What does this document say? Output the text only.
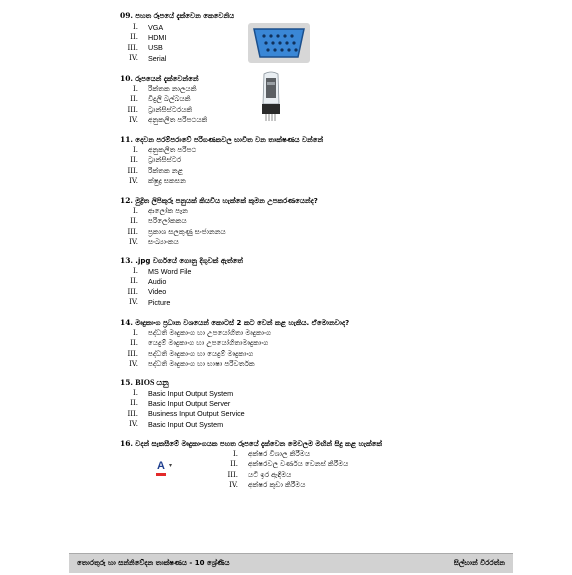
09. පහත රූපයේ දැක්වෙන කෙවෙනිය
I.	VGA
II.	HDMI
III.	USB
IV.	Serial
10. රූපයෙන් දැක්වෙන්නේ
I.	රික්තක නාලයකි
II.	විදුලි බල්බයකි
III.	ට්‍රාන්සිස්ටරයකි
IV.	අනුකලිත පරිපථයකි
11. දෙවන පරම්පරාවේ පරිගණකවල භාවිත වන තාක්ෂණය වන්නේ
I.	අනුකලිත පරිපථ
II.	ට්‍රාන්සිස්ටර
III.	රික්තක නළ
IV.	ක්ෂුද්‍ර සකසන
12. මුද්‍රිත ලිපිකුරු පනුයක් කියවිය හැක්කේ කුමන උපකරණයෙන්ද?
I.	ආලෝක පෑන
II.	පරිලෝකකය
III.	ප්‍රකාශ සලකුණු සංජානනය
IV.	සංඛ්‍යාංකය
13. .jpg වර්ගයේ ගොනු දිගුවක් ඇත්තේ
I.	MS Word File
II.	Audio
III.	Video
IV.	Picture
14. මෘදුකාංග ප්‍රධාන වශයෙන් කොටස් 2 කට වෙන් කළ හැකිය. ඒමොනවාද?
I.	පද්ධති මෘදුකාංග හා උපයෝගිතා මෘදුකාංග
II.	යෙදුම් මෘදුකාංග හා උපයෝගිතාමෘදුකාංග
III.	පද්ධති මෘදුකාංග හා යෙදුම් මෘදුකාංග
IV.	පද්ධති මෘදුකාංග හා භාෂා පරිවර්තක
15. BIOS යනු
I.	Basic Input Output System
II.	Basic Input Output Server
III.	Business Input Output Service
IV.	Basic Input Out System
16. වදන් සැකසීමේ මෘදුකාංගයක පහත රූපයේ දැක්වෙන මෙවලම මඟින් සිදු කළ හැක්කේ
I.	අක්ෂර විශාල කිරීමය
II.	අක්ෂරවල වර්ණය වෙනස් කිරීමය
III.	යටි ඉර ඇඳීමය
IV.	අක්ෂර කුඩා කිරීමය
A ▾
තොරතුරු හා සන්නිවේදන තාක්ෂණය - 10 ශ්‍රේණිය	සිල්භාන් විරරත්න
